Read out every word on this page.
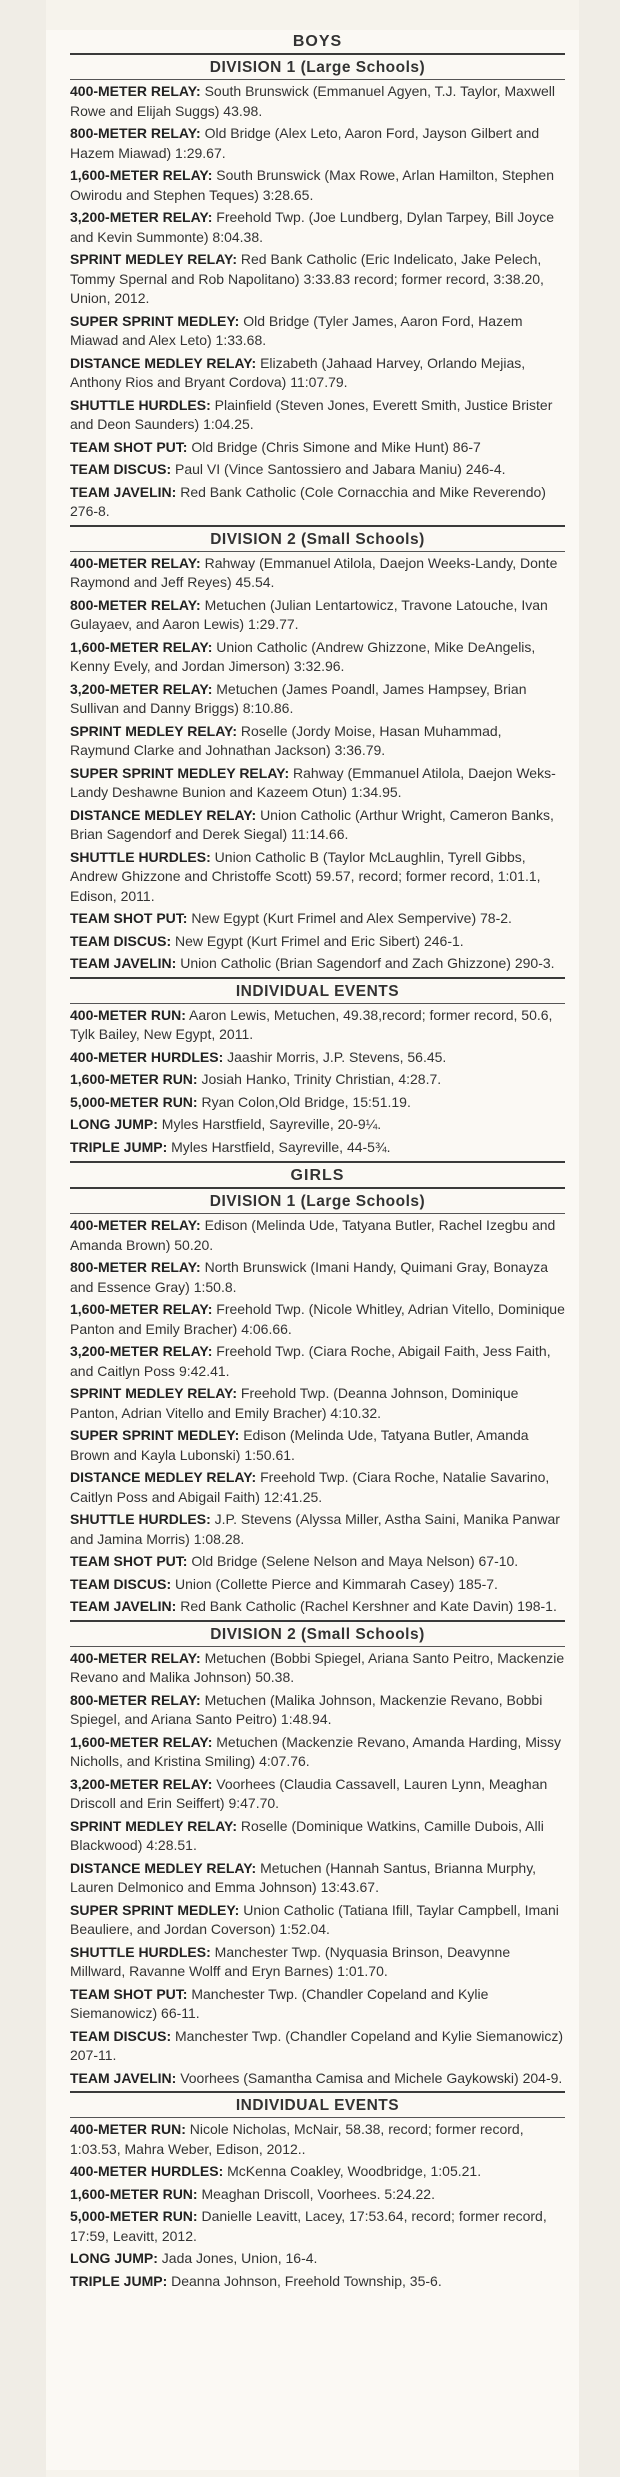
BOYS
DIVISION 1 (Large Schools)

400-METER RELAY: South Brunswick (Emmanuel Agyen, T.J. Taylor, Maxwell Rowe and Elijah Suggs) 43.98.

800-METER RELAY: Old Bridge (Alex Leto, Aaron Ford, Jayson Gilbert and Hazem Miawad) 1:29.67.

1,600-METER RELAY: South Brunswick (Max Rowe, Arlan Hamilton, Stephen Owirodu and Stephen Teques) 3:28.65.

3,200-METER RELAY: Freehold Twp. (Joe Lundberg, Dylan Tarpey, Bill Joyce and Kevin Summonte) 8:04.38.

SPRINT MEDLEY RELAY: Red Bank Catholic (Eric Indelicato, Jake Pelech, Tommy Spernal and Rob Napolitano) 3:33.83 record; former record, 3:38.20, Union, 2012.

SUPER SPRINT MEDLEY: Old Bridge (Tyler James, Aaron Ford, Hazem Miawad and Alex Leto) 1:33.68.

DISTANCE MEDLEY RELAY: Elizabeth (Jahaad Harvey, Orlando Mejias, Anthony Rios and Bryant Cordova) 11:07.79.

SHUTTLE HURDLES: Plainfield (Steven Jones, Everett Smith, Justice Brister and Deon Saunders) 1:04.25.

TEAM SHOT PUT: Old Bridge (Chris Simone and Mike Hunt) 86-7

TEAM DISCUS: Paul VI (Vince Santossiero and Jabara Maniu) 246-4.

TEAM JAVELIN: Red Bank Catholic (Cole Cornacchia and Mike Reverendo) 276-8.

DIVISION 2 (Small Schools)

400-METER RELAY: Rahway (Emmanuel Atilola, Daejon Weeks-Landy, Donte Raymond and Jeff Reyes) 45.54.

800-METER RELAY: Metuchen (Julian Lentartowicz, Travone Latouche, Ivan Gulayaev, and Aaron Lewis) 1:29.77.

1,600-METER RELAY: Union Catholic (Andrew Ghizzone, Mike DeAngelis, Kenny Evely, and Jordan Jimerson) 3:32.96.

3,200-METER RELAY: Metuchen (James Poandl, James Hampsey, Brian Sullivan and Danny Briggs) 8:10.86.

SPRINT MEDLEY RELAY: Roselle (Jordy Moise, Hasan Muhammad, Raymund Clarke and Johnathan Jackson) 3:36.79.

SUPER SPRINT MEDLEY RELAY: Rahway (Emmanuel Atilola, Daejon Weks-Landy Deshawne Bunion and Kazeem Otun) 1:34.95.

DISTANCE MEDLEY RELAY: Union Catholic (Arthur Wright, Cameron Banks, Brian Sagendorf and Derek Siegal) 11:14.66.

SHUTTLE HURDLES: Union Catholic B (Taylor McLaughlin, Tyrell Gibbs, Andrew Ghizzone and Christoffe Scott) 59.57, record; former record, 1:01.1, Edison, 2011.

TEAM SHOT PUT: New Egypt (Kurt Frimel and Alex Sempervive) 78-2.

TEAM DISCUS: New Egypt (Kurt Frimel and Eric Sibert) 246-1.

TEAM JAVELIN: Union Catholic (Brian Sagendorf and Zach Ghizzone) 290-3.

INDIVIDUAL EVENTS

400-METER RUN: Aaron Lewis, Metuchen, 49.38,record; former record, 50.6, Tylk Bailey, New Egypt, 2011.

400-METER HURDLES: Jaashir Morris, J.P. Stevens, 56.45.

1,600-METER RUN: Josiah Hanko, Trinity Christian, 4:28.7.

5,000-METER RUN: Ryan Colon,Old Bridge, 15:51.19.

LONG JUMP: Myles Harstfield, Sayreville, 20-9¼.

TRIPLE JUMP: Myles Harstfield, Sayreville, 44-5¾.

GIRLS
DIVISION 1 (Large Schools)

400-METER RELAY: Edison (Melinda Ude, Tatyana Butler, Rachel Izegbu and Amanda Brown) 50.20.

800-METER RELAY: North Brunswick (Imani Handy, Quimani Gray, Bonayza and Essence Gray) 1:50.8.

1,600-METER RELAY: Freehold Twp. (Nicole Whitley, Adrian Vitello, Dominique Panton and Emily Bracher) 4:06.66.

3,200-METER RELAY: Freehold Twp. (Ciara Roche, Abigail Faith, Jess Faith, and Caitlyn Poss 9:42.41.

SPRINT MEDLEY RELAY: Freehold Twp. (Deanna Johnson, Dominique Panton, Adrian Vitello and Emily Bracher) 4:10.32.

SUPER SPRINT MEDLEY: Edison (Melinda Ude, Tatyana Butler, Amanda Brown and Kayla Lubonski) 1:50.61.

DISTANCE MEDLEY RELAY: Freehold Twp. (Ciara Roche, Natalie Savarino, Caitlyn Poss and Abigail Faith) 12:41.25.

SHUTTLE HURDLES: J.P. Stevens (Alyssa Miller, Astha Saini, Manika Panwar and Jamina Morris) 1:08.28.

TEAM SHOT PUT: Old Bridge (Selene Nelson and Maya Nelson) 67-10.

TEAM DISCUS: Union (Collette Pierce and Kimmarah Casey) 185-7.

TEAM JAVELIN: Red Bank Catholic (Rachel Kershner and Kate Davin) 198-1.

DIVISION 2 (Small Schools)

400-METER RELAY: Metuchen (Bobbi Spiegel, Ariana Santo Peitro, Mackenzie Revano and Malika Johnson) 50.38.

800-METER RELAY: Metuchen (Malika Johnson, Mackenzie Revano, Bobbi Spiegel, and Ariana Santo Peitro) 1:48.94.

1,600-METER RELAY: Metuchen (Mackenzie Revano, Amanda Harding, Missy Nicholls, and Kristina Smiling) 4:07.76.

3,200-METER RELAY: Voorhees (Claudia Cassavell, Lauren Lynn, Meaghan Driscoll and Erin Seiffert) 9:47.70.

SPRINT MEDLEY RELAY: Roselle (Dominique Watkins, Camille Dubois, Alli Blackwood) 4:28.51.

DISTANCE MEDLEY RELAY: Metuchen (Hannah Santus, Brianna Murphy, Lauren Delmonico and Emma Johnson) 13:43.67.

SUPER SPRINT MEDLEY: Union Catholic (Tatiana Ifill, Taylar Campbell, Imani Beauliere, and Jordan Coverson) 1:52.04.

SHUTTLE HURDLES: Manchester Twp. (Nyquasia Brinson, Deavynne Millward, Ravanne Wolff and Eryn Barnes) 1:01.70.

TEAM SHOT PUT: Manchester Twp. (Chandler Copeland and Kylie Siemanowicz) 66-11.

TEAM DISCUS: Manchester Twp. (Chandler Copeland and Kylie Siemanowicz) 207-11.

TEAM JAVELIN: Voorhees (Samantha Camisa and Michele Gaykowski) 204-9.

INDIVIDUAL EVENTS

400-METER RUN: Nicole Nicholas, McNair, 58.38, record; former record, 1:03.53, Mahra Weber, Edison, 2012..

400-METER HURDLES: McKenna Coakley, Woodbridge, 1:05.21.

1,600-METER RUN: Meaghan Driscoll, Voorhees. 5:24.22.

5,000-METER RUN: Danielle Leavitt, Lacey, 17:53.64, record; former record, 17:59, Leavitt, 2012.

LONG JUMP: Jada Jones, Union, 16-4.

TRIPLE JUMP: Deanna Johnson, Freehold Township, 35-6.
